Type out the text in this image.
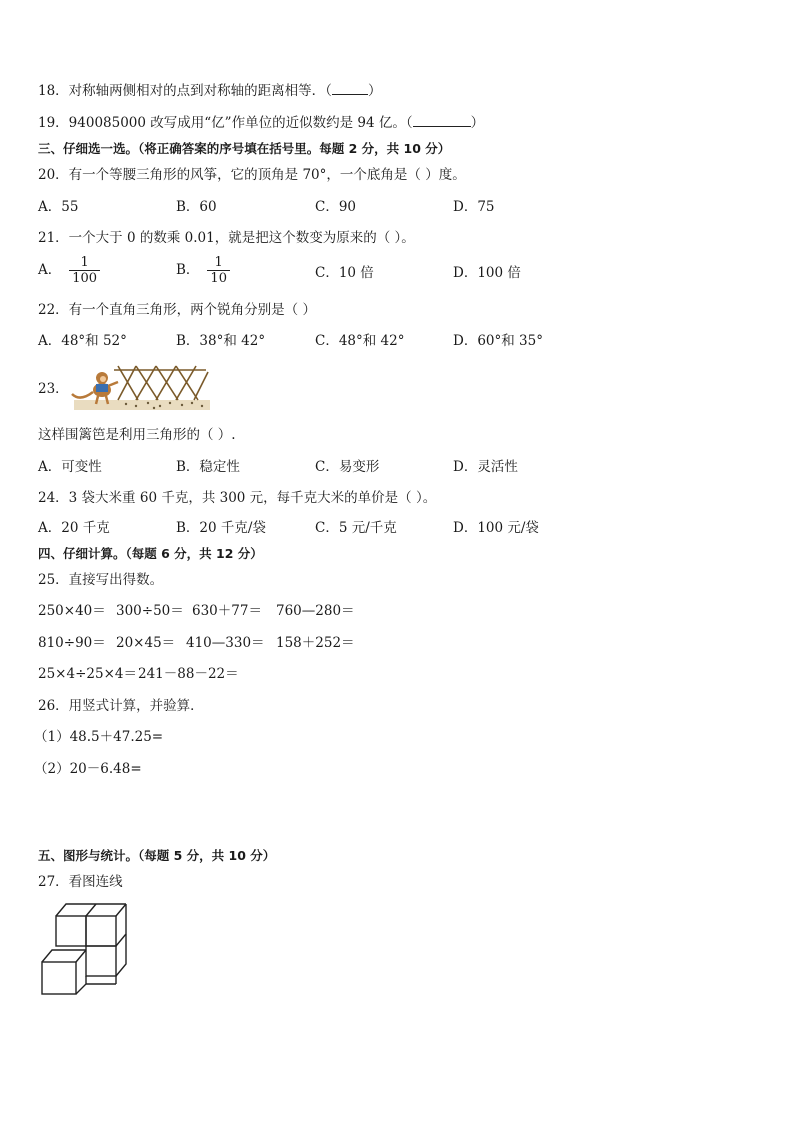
18．对称轴两侧相对的点到对称轴的距离相等．（	）
19．940085000 改写成用“亿”作单位的近似数约是 94 亿。（	）
三、仔细选一选。（将正确答案的序号填在括号里。每题 2 分，共 10 分）
20．有一个等腰三角形的风筝，它的顶角是 70°，一个底角是（ ）度。
A．55	B．60	C．90	D．75
21．一个大于 0 的数乘 0.01，就是把这个数变为原来的（ ）。
A． $\frac{1}{100}$	B． $\frac{1}{10}$	C．10 倍	D．100 倍
22．有一个直角三角形，两个锐角分别是（ ）
A．48°和 52°	B．38°和 42°	C．48°和 42°	D．60°和 35°
23．
这样围篱笆是利用三角形的（ ）.
A．可变性	B．稳定性	C．易变形	D．灵活性
24．3 袋大米重 60 千克，共 300 元，每千克大米的单价是（ ）。
A．20 千克	B．20 千克/袋	C．5 元/千克	D．100 元/袋
四、仔细计算。（每题 6 分，共 12 分）
25．直接写出得数。
250×40＝ 300÷50＝ 630＋77＝ 760—280＝
810÷90＝ 20×45＝ 410—330＝ 158＋252＝
25×4÷25×4＝ 241－88－22＝
26．用竖式计算，并验算．
（1）48.5＋47.25=
（2）20－6.48=
五、图形与统计。（每题 5 分，共 10 分）
27．看图连线
